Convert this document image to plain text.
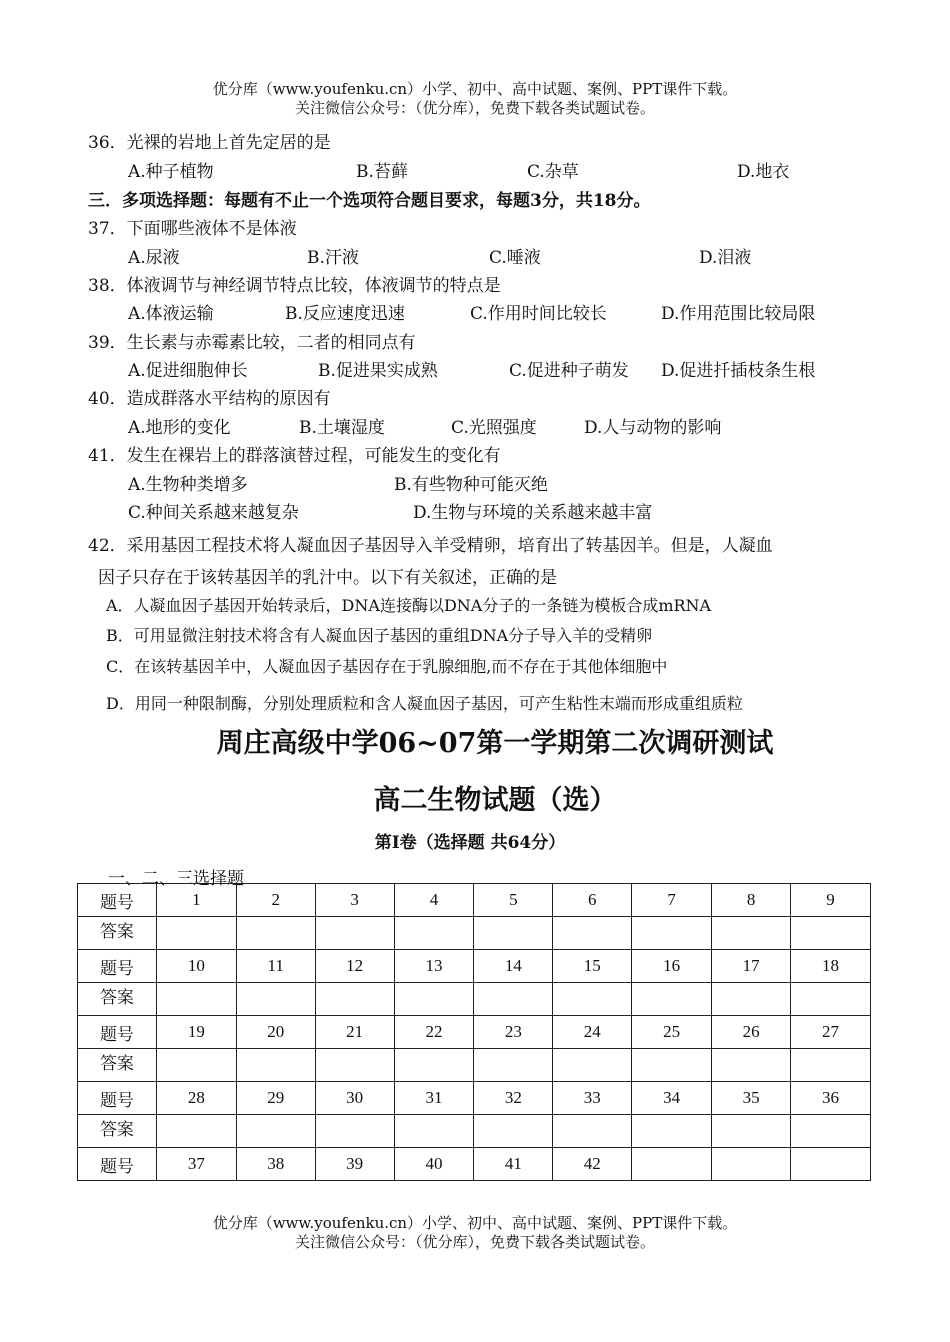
优分库（www.youfenku.cn）小学、初中、高中试题、案例、PPT课件下载。
关注微信公众号：（优分库），免费下载各类试题试卷。
36．光裸的岩地上首先定居的是
A.种子植物	B.苔藓	C.杂草	D.地衣
三．多项选择题：每题有不止一个选项符合题目要求，每题3分，共18分。
37．下面哪些液体不是体液
A.尿液	B.汗液	C.唾液	D.泪液
38．体液调节与神经调节特点比较，体液调节的特点是
A.体液运输	B.反应速度迅速	C.作用时间比较长	D.作用范围比较局限
39．生长素与赤霉素比较，二者的相同点有
A.促进细胞伸长	B.促进果实成熟	C.促进种子萌发 D.促进扦插枝条生根
40．造成群落水平结构的原因有
A.地形的变化	B.土壤湿度	C.光照强度	D.人与动物的影响
41．发生在裸岩上的群落演替过程，可能发生的变化有
A.生物种类增多	B.有些物种可能灭绝
C.种间关系越来越复杂	D.生物与环境的关系越来越丰富
42．采用基因工程技术将人凝血因子基因导入羊受精卵，培育出了转基因羊。但是，人凝血
因子只存在于该转基因羊的乳汁中。以下有关叙述，正确的是
A．人凝血因子基因开始转录后，DNA连接酶以DNA分子的一条链为模板合成mRNA
B．可用显微注射技术将含有人凝血因子基因的重组DNA分子导入羊的受精卵
C．在该转基因羊中，人凝血因子基因存在于乳腺细胞,而不存在于其他体细胞中
D．用同一种限制酶，分别处理质粒和含人凝血因子基因，可产生粘性末端而形成重组质粒
周庄高级中学06~07第一学期第二次调研测试
高二生物试题（选）
第Ⅰ卷（选择题 共64分）
一、二、三选择题
题号	1	2	3	4	5	6	7	8	9
答案									
题号	10	11	12	13	14	15	16	17	18
答案									
题号	19	20	21	22	23	24	25	26	27
答案									
题号	28	29	30	31	32	33	34	35	36
答案									
题号	37	38	39	40	41	42			
优分库（www.youfenku.cn）小学、初中、高中试题、案例、PPT课件下载。
关注微信公众号：（优分库），免费下载各类试题试卷。
